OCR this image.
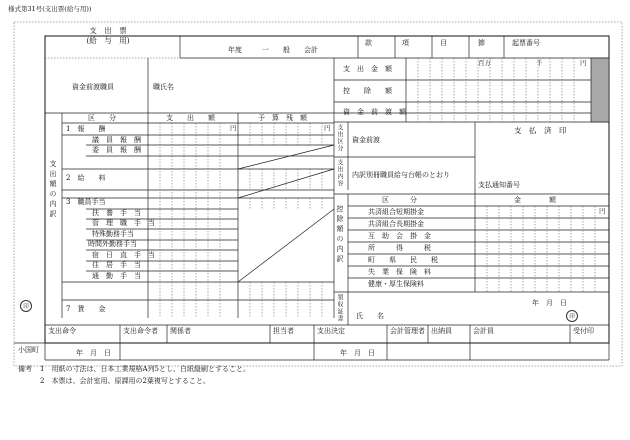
様式第31号(支出票(給与用))
支　出　票
(給　与　用)
年度	一　　般　　会計
款	項	目	節	起票番号
資金前渡職員	職氏名
支　出　金　額
控　　除　　額
資　金　前　渡　額
百万	千	円
支出額の内訳
区　　分	支　　出　　額	予　算　残　額
円	円
1　報　　酬
議　員　報　酬
委　員　報　酬
2　給　　料
3　職員手当
扶　養　手　当
管　理　職　手　当
特殊勤務手当
時間外勤務手当
宿　日　直　手　当
住　居　手　当
通　勤　手　当
7　賃　　金
印
支出区分
支出内容
資金前渡
内訳別冊職員給与台帳のとおり
支　払　済　印
支払通知番号
控除額の内訳
区　　　分	金　　　　額
円
共済組合短期掛金
共済組合長期掛金
互　助　会　掛　金
所　　　得　　　税
町　　県　　民　　税
失　業　保　険　料
健康・厚生保険料
領収証書	年　月　日
氏　　名	印
支出命令	支出命令者 関係者	担当者	支出決定	会計管理者 出納員	会計員	受付印
年　月　日	年　月　日
小国町
備考 1　用紙の寸法は、日本工業規格A列5とし、白紙縦刷とすること。
2　本票は、会計室用、原課用の2葉複写とすること。
